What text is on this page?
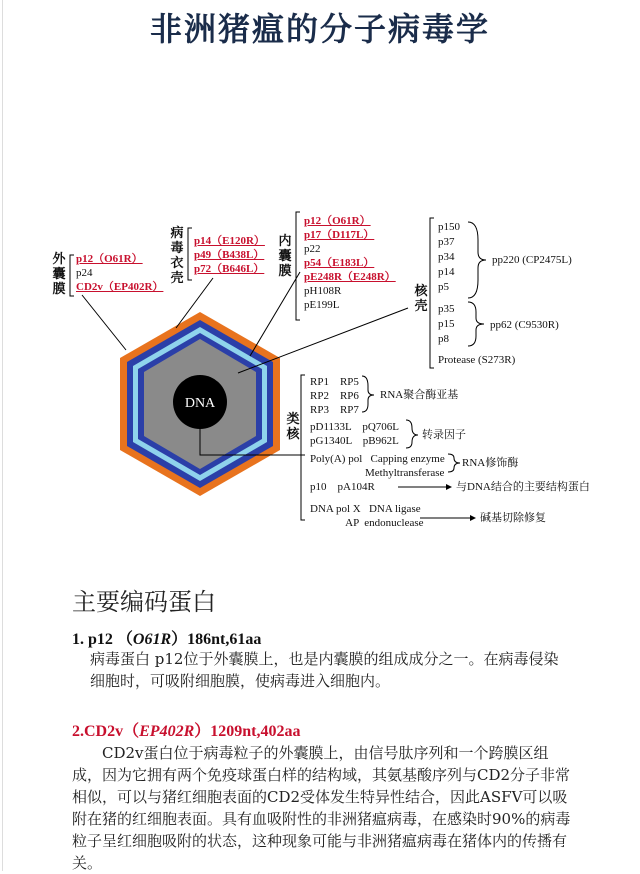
非洲猪瘟的分子病毒学
DNA
外囊膜
病毒衣壳
内囊膜
核壳
类核
p12（O61R）
p24
CD2v（EP402R）
p14（E120R）
p49（B438L）
p72（B646L）
p12（O61R）
p17（D117L）
p22
p54（E183L）
pE248R（E248R）
pH108R
pE199L
p150
p37
p34
p14
p5
pp220 (CP2475L)
p35
p15
p8
pp62 (C9530R)
Protease (S273R)
RP1    RP5
RP2    RP6
RP3    RP7
RNA聚合酶亚基
pD1133L    pQ706L
pG1340L    pB962L 转录因子
Poly(A) pol   Capping enzyme
Methyltransferase
RNA修饰酶
p10    pA104R	与DNA结合的主要结构蛋白
DNA pol X   DNA ligase
AP  endonuclease	碱基切除修复
主要编码蛋白
1. p12 （O61R）186nt,61aa
病毒蛋白 p12位于外囊膜上，也是内囊膜的组成成分之一。在病毒侵染细胞时，可吸附细胞膜，使病毒进入细胞内。
2.CD2v（EP402R）1209nt,402aa
CD2v蛋白位于病毒粒子的外囊膜上，由信号肽序列和一个跨膜区组成，因为它拥有两个免疫球蛋白样的结构域，其氨基酸序列与CD2分子非常相似，可以与猪红细胞表面的CD2受体发生特异性结合，因此ASFV可以吸附在猪的红细胞表面。具有血吸附性的非洲猪瘟病毒，在感染时90%的病毒粒子呈红细胞吸附的状态，这种现象可能与非洲猪瘟病毒在猪体内的传播有关。
头条 @创新农牧
